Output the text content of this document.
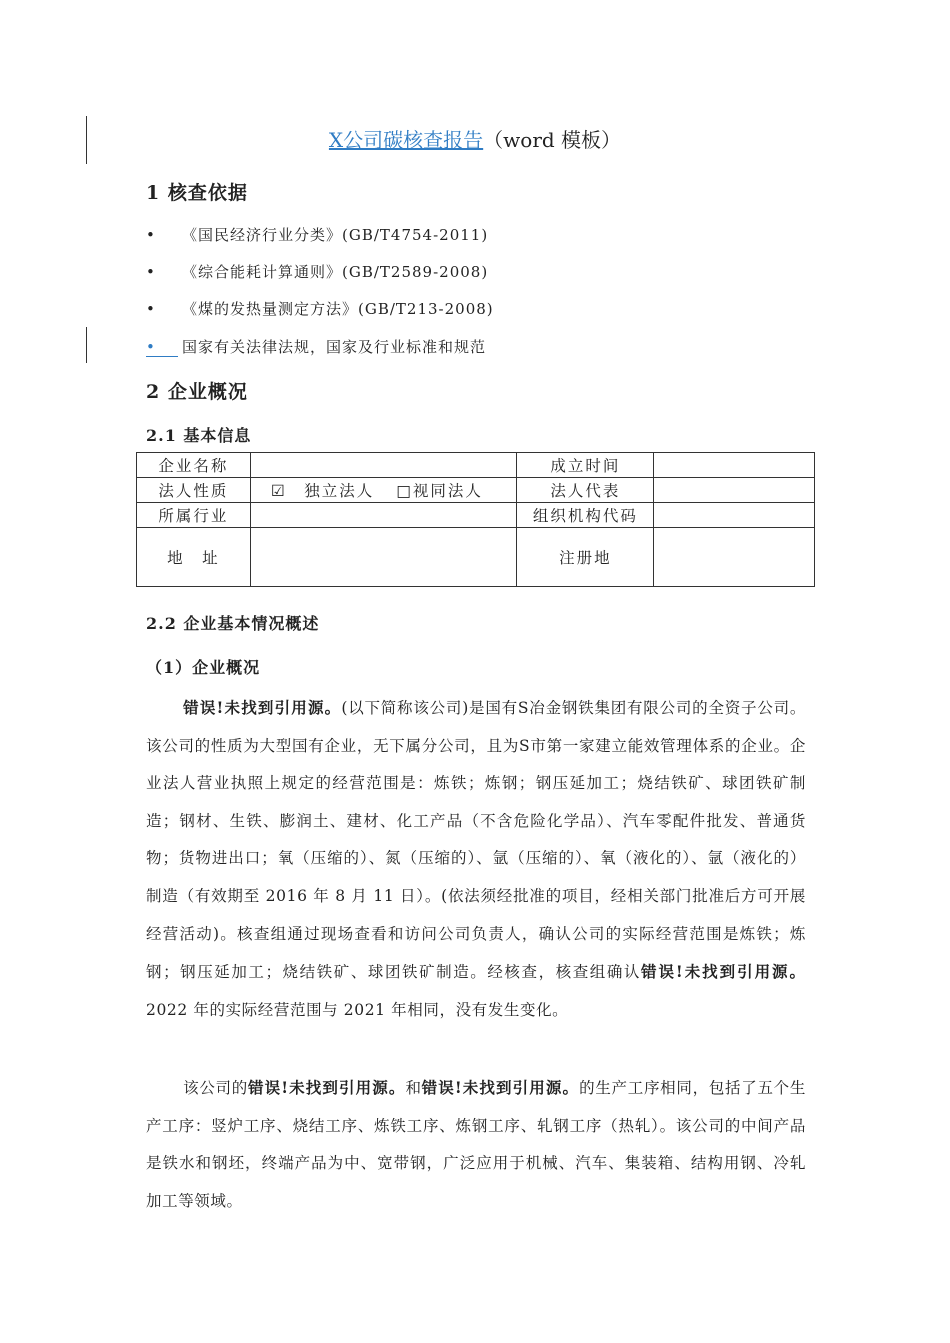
X公司碳核查报告（word 模板）
1 核查依据
• 《国民经济行业分类》(GB/T4754-2011)
• 《综合能耗计算通则》(GB/T2589-2008)
• 《煤的发热量测定方法》(GB/T213-2008)
• 国家有关法律法规，国家及行业标准和规范
2 企业概况
2.1 基本信息
企业名称		成立时间	
法人性质	☑　独立法人 □视同法人	法人代表	
所属行业		组织机构代码	
地　址		注册地	
2.2 企业基本情况概述
（1）企业概况
错误!未找到引用源。(以下简称该公司)是国有S冶金钢铁集团有限公司的全资子公司。该公司的性质为大型国有企业，无下属分公司，且为S市第一家建立能效管理体系的企业。企业法人营业执照上规定的经营范围是：炼铁；炼钢；钢压延加工；烧结铁矿、球团铁矿制造；钢材、生铁、膨润土、建材、化工产品（不含危险化学品）、汽车零配件批发、普通货物；货物进出口；氧（压缩的）、氮（压缩的）、氩（压缩的）、氧（液化的）、氩（液化的）制造（有效期至 2016 年 8 月 11 日）。(依法须经批准的项目，经相关部门批准后方可开展经营活动)。核查组通过现场查看和访问公司负责人，确认公司的实际经营范围是炼铁；炼钢；钢压延加工；烧结铁矿、球团铁矿制造。经核查，核查组确认错误!未找到引用源。2022 年的实际经营范围与 2021 年相同，没有发生变化。
该公司的错误!未找到引用源。和错误!未找到引用源。的生产工序相同，包括了五个生产工序：竖炉工序、烧结工序、炼铁工序、炼钢工序、轧钢工序（热轧）。该公司的中间产品是铁水和钢坯，终端产品为中、宽带钢，广泛应用于机械、汽车、集装箱、结构用钢、冷轧加工等领域。
